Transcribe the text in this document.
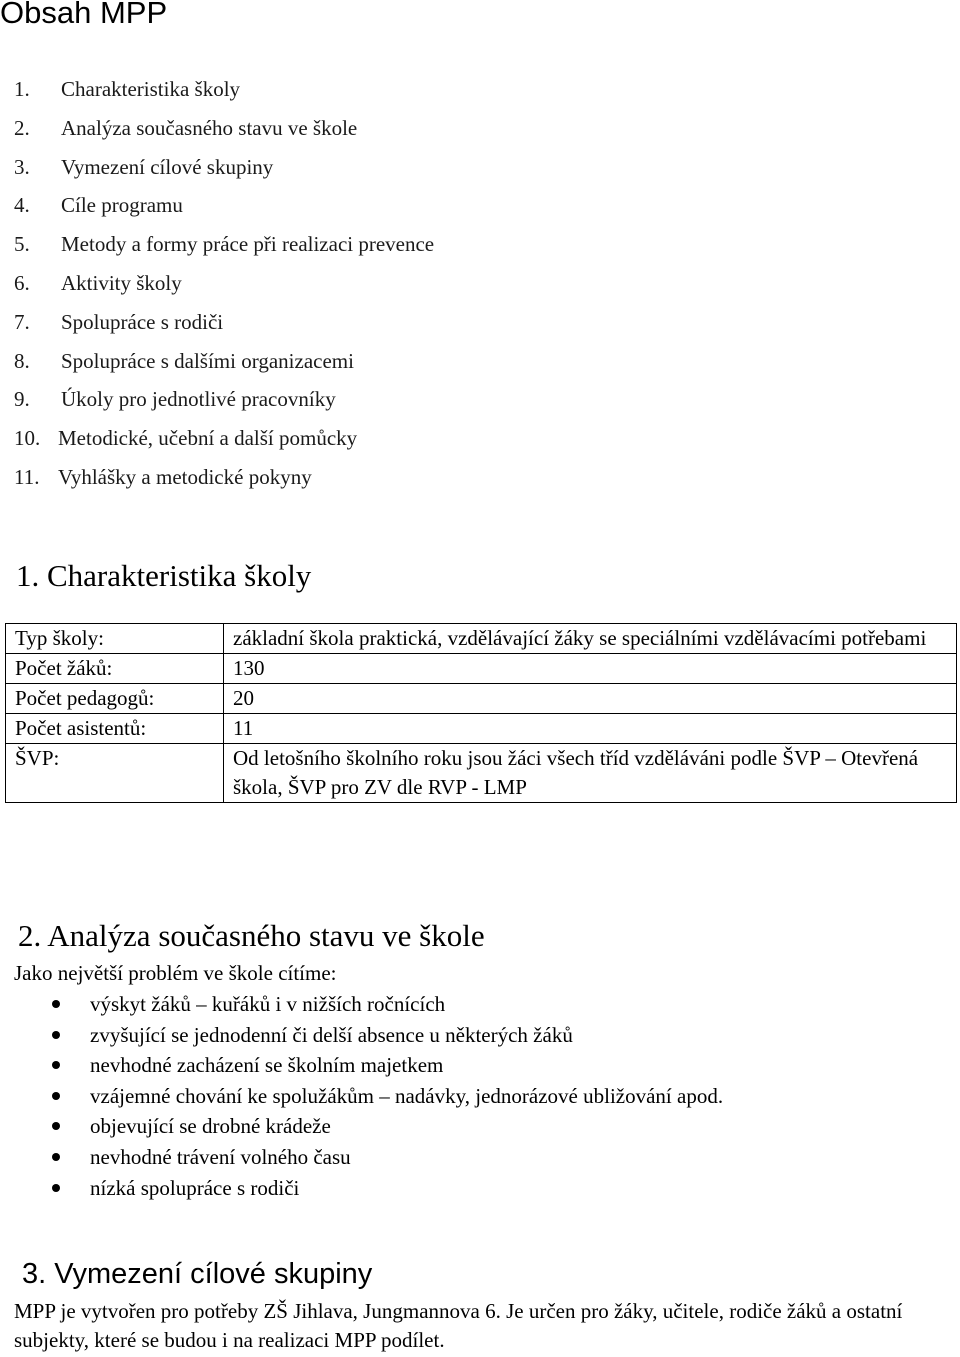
Obsah MPP
1. Charakteristika školy
2. Analýza současného stavu ve škole
3. Vymezení cílové skupiny
4. Cíle programu
5. Metody a formy práce při realizaci prevence
6. Aktivity školy
7. Spolupráce s rodiči
8. Spolupráce s dalšími organizacemi
9. Úkoly pro jednotlivé pracovníky
10. Metodické, učební a další pomůcky
11. Vyhlášky a metodické pokyny
1. Charakteristika školy
Typ školy:	základní škola praktická, vzdělávající žáky se speciálními vzdělávacími potřebami
Počet žáků:	130
Počet pedagogů:	20
Počet asistentů:	11
ŠVP:	Od letošního školního roku jsou žáci všech tříd vzděláváni podle ŠVP – Otevřená škola, ŠVP pro ZV dle RVP - LMP
2. Analýza současného stavu ve škole
Jako největší problém ve škole cítíme:
výskyt žáků – kuřáků i v nižších ročnících
zvyšující se jednodenní či delší absence u některých žáků
nevhodné zacházení se školním majetkem
vzájemné chování ke spolužákům – nadávky, jednorázové ubližování apod.
objevující se drobné krádeže
nevhodné trávení volného času
nízká spolupráce s rodiči
3. Vymezení cílové skupiny
MPP je vytvořen pro potřeby ZŠ Jihlava, Jungmannova 6. Je určen pro žáky, učitele, rodiče žáků a ostatní subjekty, které se budou i na realizaci MPP podílet.
